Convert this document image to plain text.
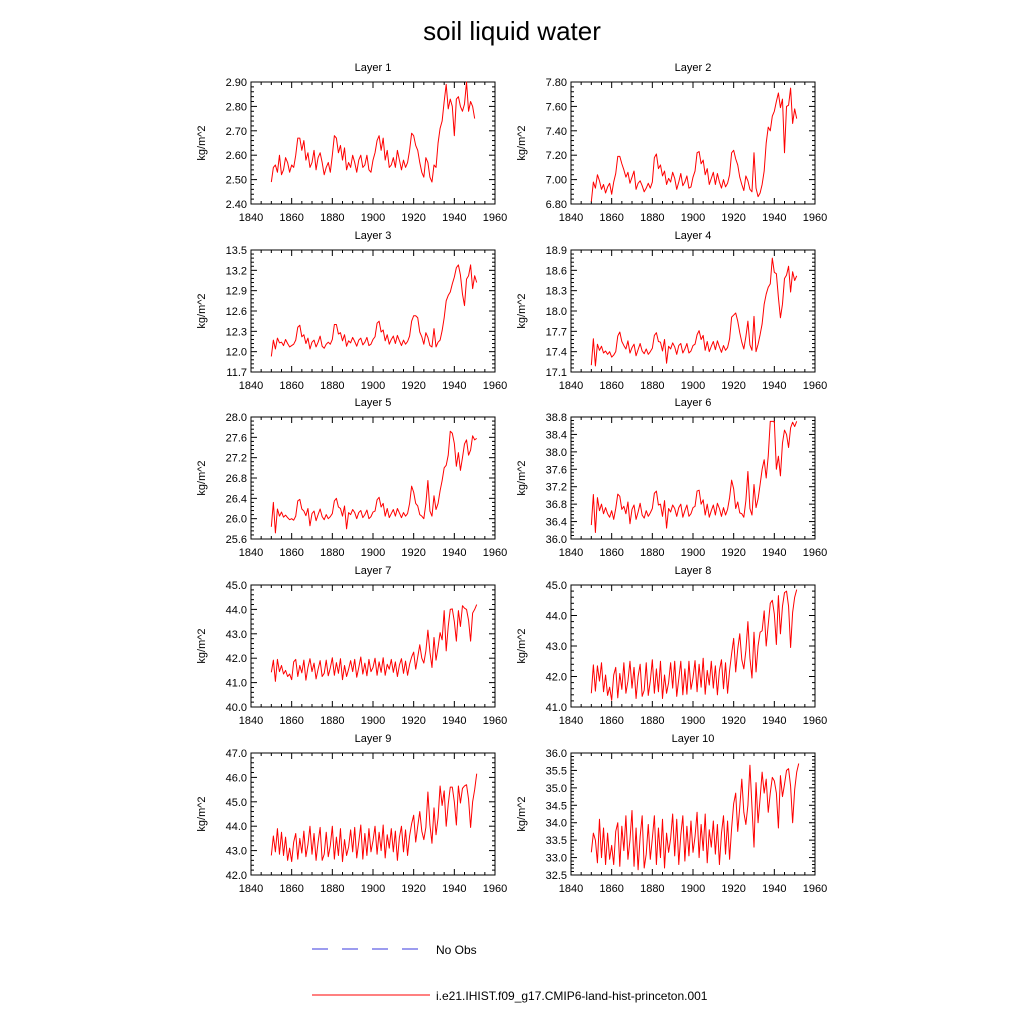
soil liquid water
Layer 1
kg/m^2
1840 1860 1880 1900 1920 1940 1960
2.40
2.50
2.60
2.70
2.80
2.90
Layer 2
kg/m^2
1840 1860 1880 1900 1920 1940 1960
6.80
7.00
7.20
7.40
7.60
7.80
Layer 3
kg/m^2
1840 1860 1880 1900 1920 1940 1960
11.7
12.0
12.3
12.6
12.9
13.2
13.5
Layer 4
kg/m^2
1840 1860 1880 1900 1920 1940 1960
17.1
17.4
17.7
18.0
18.3
18.6
18.9
Layer 5
kg/m^2
1840 1860 1880 1900 1920 1940 1960
25.6
26.0
26.4
26.8
27.2
27.6
28.0
Layer 6
kg/m^2
1840 1860 1880 1900 1920 1940 1960
36.0
36.4
36.8
37.2
37.6
38.0
38.4
38.8
Layer 7
kg/m^2
1840 1860 1880 1900 1920 1940 1960
40.0
41.0
42.0
43.0
44.0
45.0
Layer 8
kg/m^2
1840 1860 1880 1900 1920 1940 1960
41.0
42.0
43.0
44.0
45.0
Layer 9
kg/m^2
1840 1860 1880 1900 1920 1940 1960
42.0
43.0
44.0
45.0
46.0
47.0
Layer 10
kg/m^2
1840 1860 1880 1900 1920 1940 1960
32.5
33.0
33.5
34.0
34.5
35.0
35.5
36.0
No Obs
i.e21.IHIST.f09_g17.CMIP6-land-hist-princeton.001
